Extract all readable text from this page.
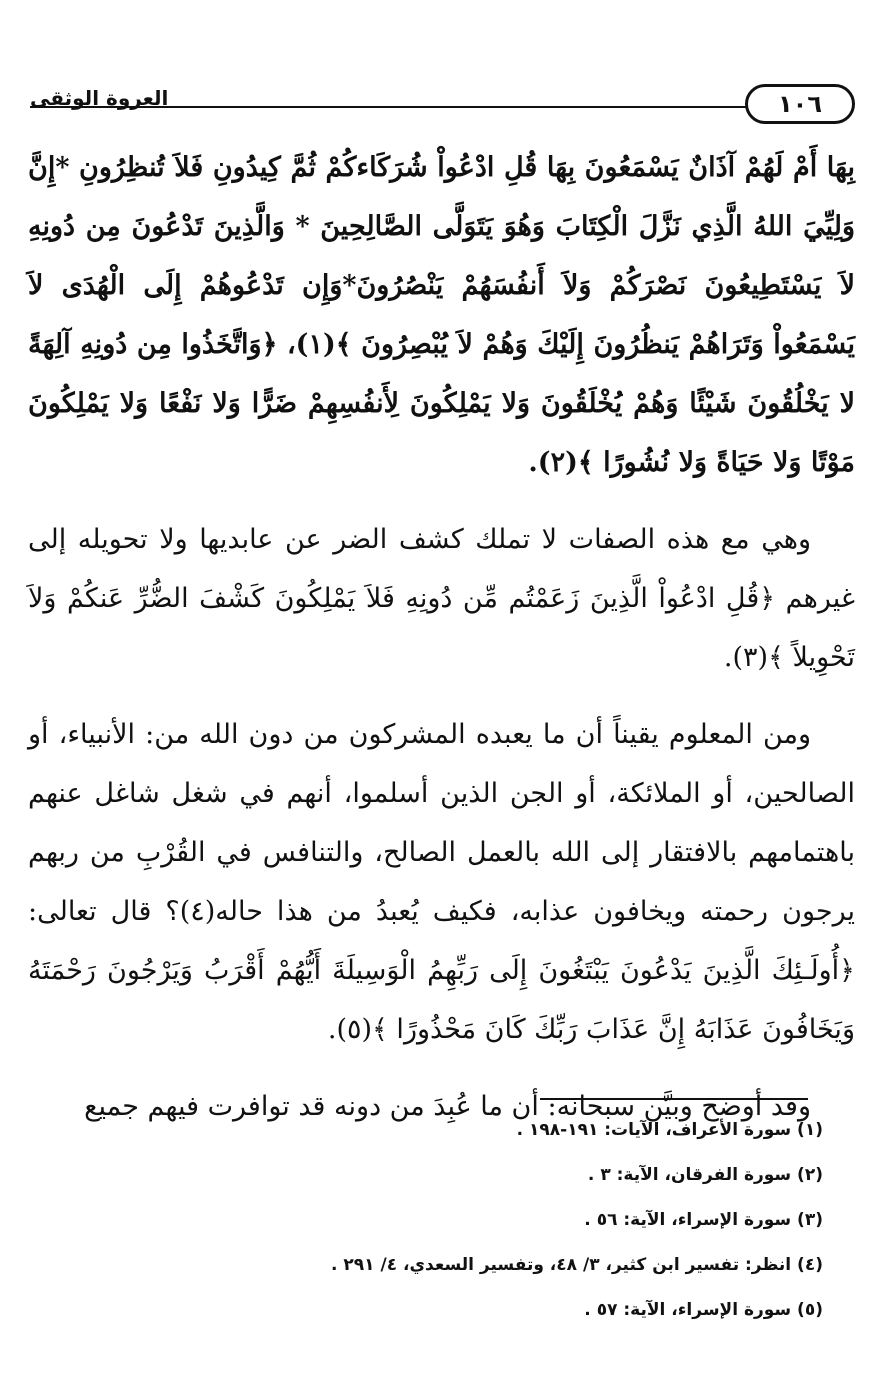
العروة الوثقى	١٠٦

بِهَا أَمْ لَهُمْ آذَانٌ يَسْمَعُونَ بِهَا قُلِ ادْعُواْ شُرَكَاءكُمْ ثُمَّ كِيدُونِ فَلاَ تُنظِرُونِ *إِنَّ وَلِيِّيَ اللهُ الَّذِي نَزَّلَ الْكِتَابَ وَهُوَ يَتَوَلَّى الصَّالِحِينَ * وَالَّذِينَ تَدْعُونَ مِن دُونِهِ لاَ يَسْتَطِيعُونَ نَصْرَكُمْ وَلاَ أَنفُسَهُمْ يَنْصُرُونَ*وَإِن تَدْعُوهُمْ إِلَى الْهُدَى لاَ يَسْمَعُواْ وَتَرَاهُمْ يَنظُرُونَ إِلَيْكَ وَهُمْ لاَ يُبْصِرُونَ ﴾(١)، ﴿وَاتَّخَذُوا مِن دُونِهِ آلِهَةً لا يَخْلُقُونَ شَيْئًا وَهُمْ يُخْلَقُونَ وَلا يَمْلِكُونَ لِأَنفُسِهِمْ ضَرًّا وَلا نَفْعًا وَلا يَمْلِكُونَ مَوْتًا وَلا حَيَاةً وَلا نُشُورًا ﴾(٢).

وهي مع هذه الصفات لا تملك كشف الضر عن عابديها ولا تحويله إلى غيرهم ﴿قُلِ ادْعُواْ الَّذِينَ زَعَمْتُم مِّن دُونِهِ فَلاَ يَمْلِكُونَ كَشْفَ الضُّرِّ عَنكُمْ وَلاَ تَحْوِيلاً ﴾(٣).

ومن المعلوم يقيناً أن ما يعبده المشركون من دون الله من: الأنبياء، أو الصالحين، أو الملائكة، أو الجن الذين أسلموا، أنهم في شغل شاغل عنهم باهتمامهم بالافتقار إلى الله بالعمل الصالح، والتنافس في القُرْبِ من ربهم يرجون رحمته ويخافون عذابه، فكيف يُعبدُ من هذا حاله(٤)؟ قال تعالى: ﴿أُولَـئِكَ الَّذِينَ يَدْعُونَ يَبْتَغُونَ إِلَى رَبِّهِمُ الْوَسِيلَةَ أَيُّهُمْ أَقْرَبُ وَيَرْجُونَ رَحْمَتَهُ وَيَخَافُونَ عَذَابَهُ إِنَّ عَذَابَ رَبِّكَ كَانَ مَحْذُورًا ﴾(٥).

وقد أوضح وبيَّن سبحانه: أن ما عُبِدَ من دونه قد توافرت فيهم جميع

(١) سورة الأعراف، الآيات: ١٩١-١٩٨ .
(٢) سورة الفرقان، الآية: ٣ .
(٣) سورة الإسراء، الآية: ٥٦ .
(٤) انظر: تفسير ابن كثير، ٣/ ٤٨، وتفسير السعدي، ٤/ ٢٩١ .
(٥) سورة الإسراء، الآية: ٥٧ .
